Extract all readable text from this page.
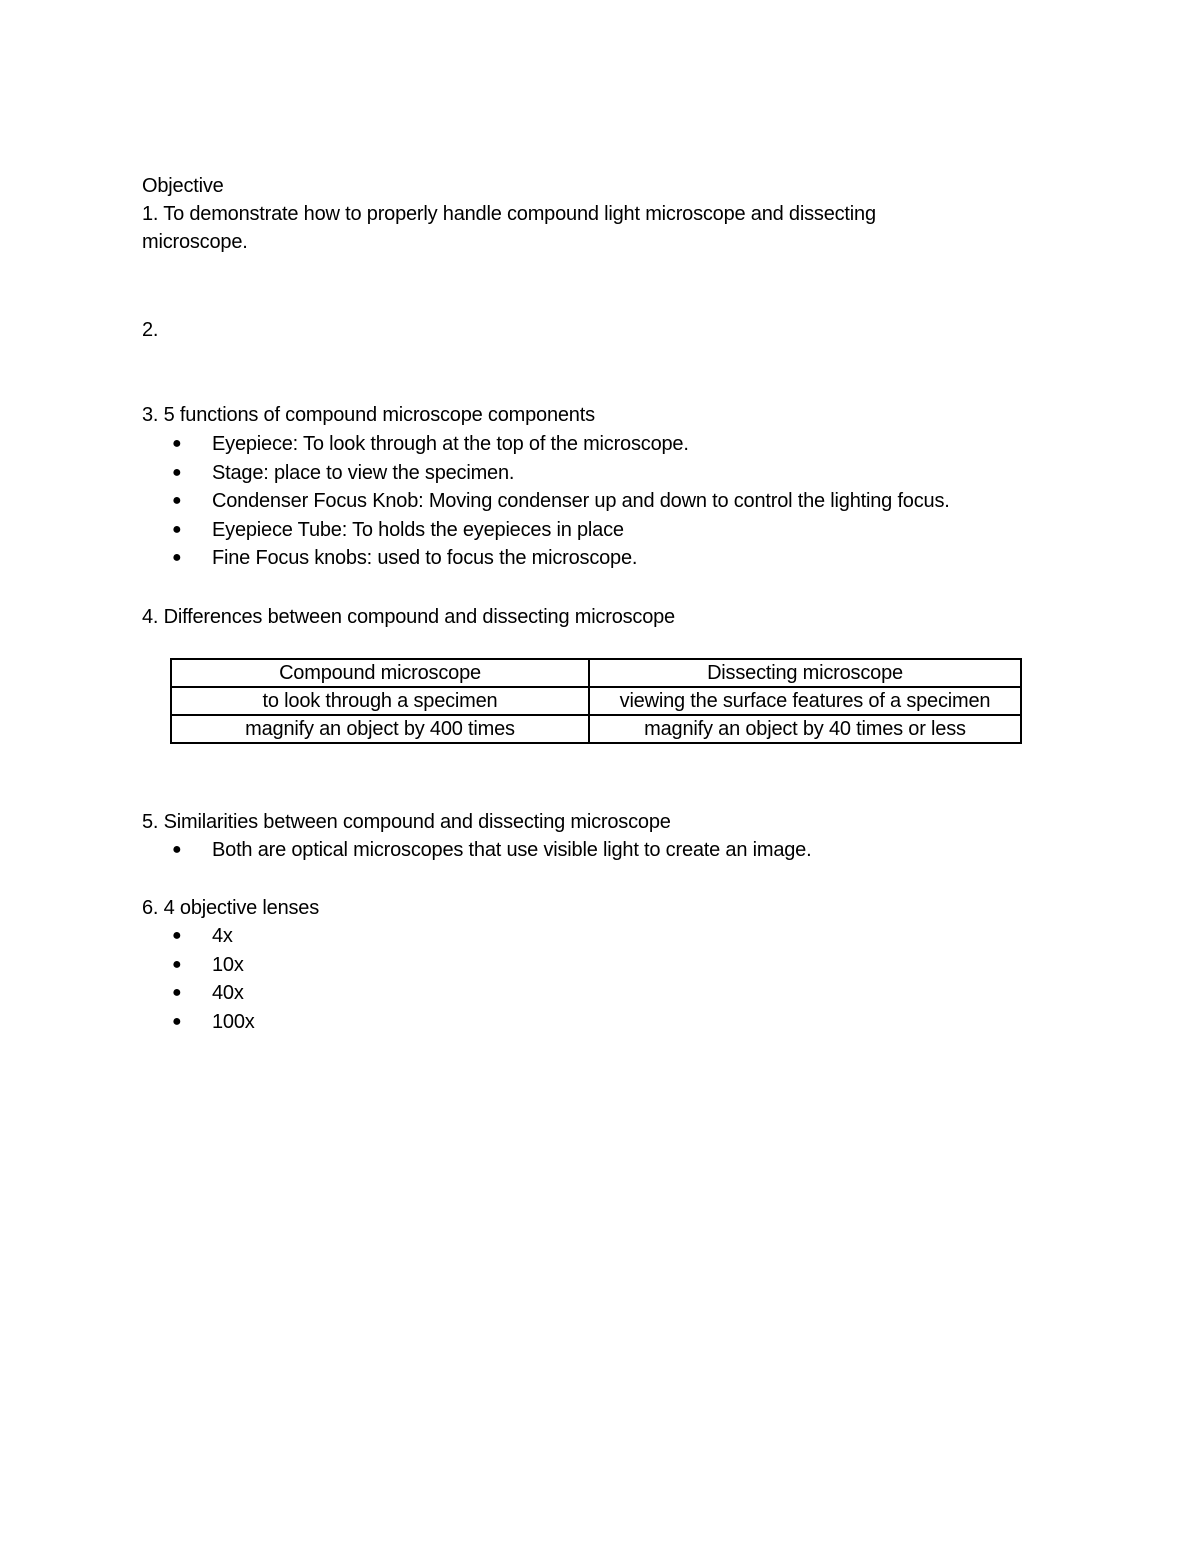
Objective
1. To demonstrate how to properly handle compound light microscope and dissecting
microscope.
2.
3. 5 functions of compound microscope components
●	Eyepiece: To look through at the top of the microscope.
●	Stage: place to view the specimen.
●	Condenser Focus Knob: Moving condenser up and down to control the lighting focus.
●	Eyepiece Tube: To holds the eyepieces in place
●	Fine Focus knobs: used to focus the microscope.
4. Differences between compound and dissecting microscope
Compound microscope	Dissecting microscope
to look through a specimen	viewing the surface features of a specimen
magnify an object by 400 times	magnify an object by 40 times or less
5. Similarities between compound and dissecting microscope
●	Both are optical microscopes that use visible light to create an image.
6. 4 objective lenses
●	4x
●	10x
●	40x
●	100x
